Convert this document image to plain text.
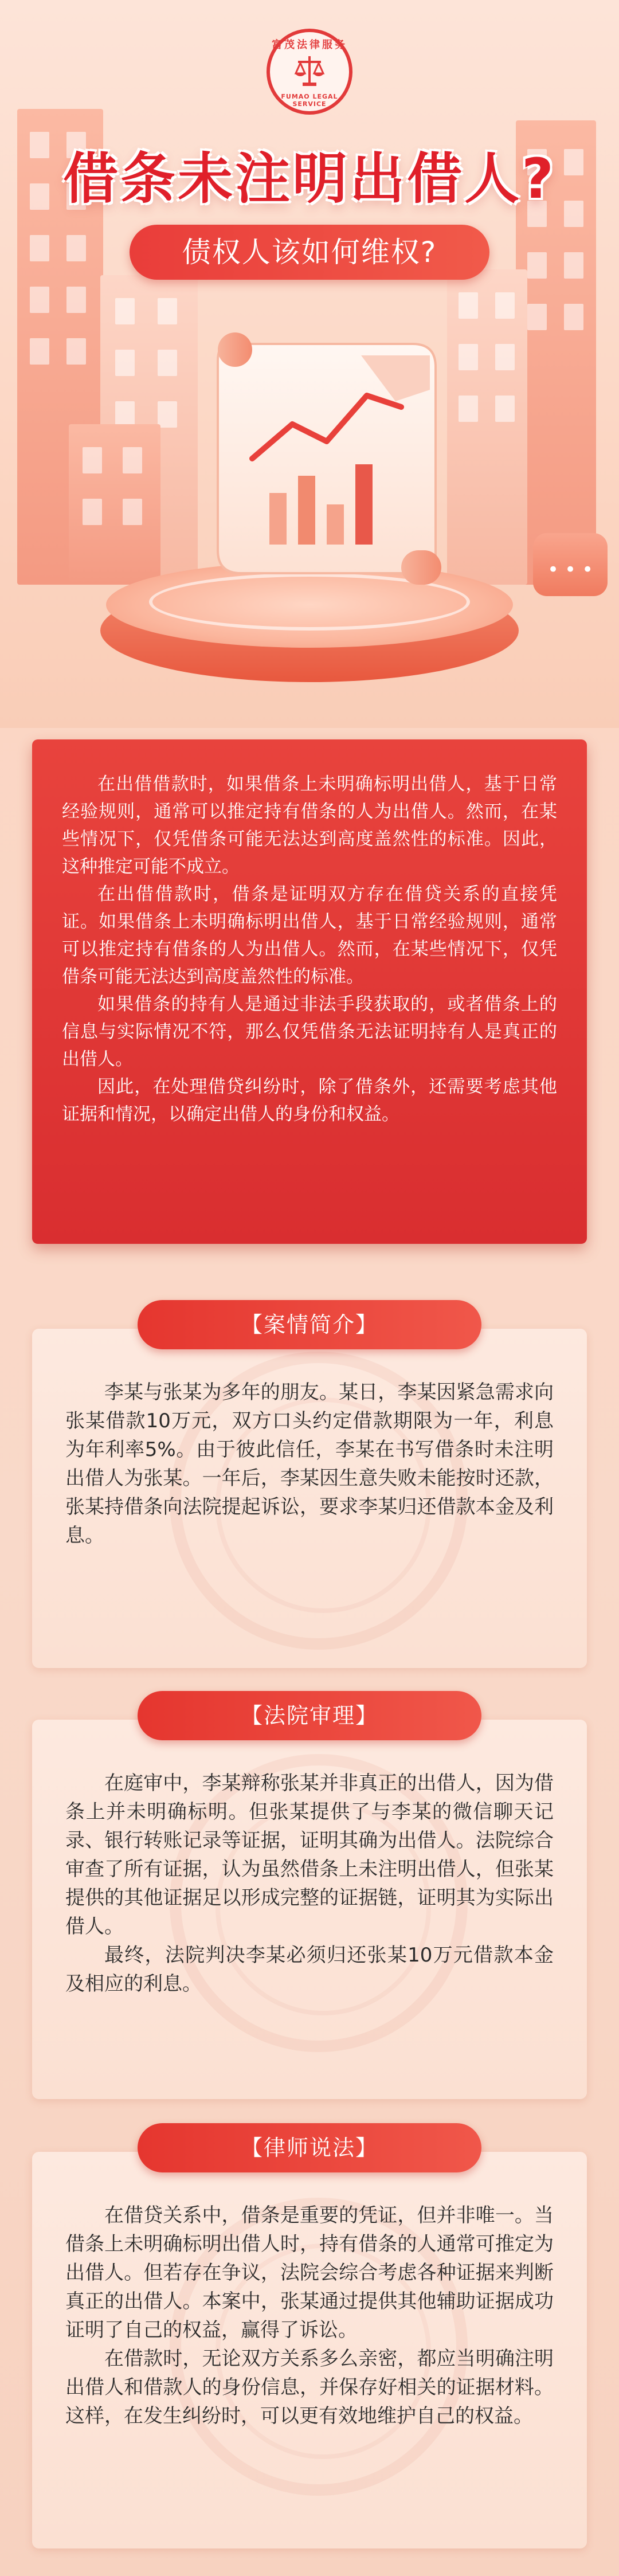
富茂法律服务
FUMAO LEGAL SERVICE
借条未注明出借人?
债权人该如何维权?
•••

在出借借款时，如果借条上未明确标明出借人，基于日常经验规则，通常可以推定持有借条的人为出借人。然而，在某些情况下，仅凭借条可能无法达到高度盖然性的标准。因此，这种推定可能不成立。

在出借借款时，借条是证明双方存在借贷关系的直接凭证。如果借条上未明确标明出借人，基于日常经验规则，通常可以推定持有借条的人为出借人。然而，在某些情况下，仅凭借条可能无法达到高度盖然性的标准。

如果借条的持有人是通过非法手段获取的，或者借条上的信息与实际情况不符，那么仅凭借条无法证明持有人是真正的出借人。

因此，在处理借贷纠纷时，除了借条外，还需要考虑其他证据和情况，以确定出借人的身份和权益。

李某与张某为多年的朋友。某日，李某因紧急需求向张某借款10万元，双方口头约定借款期限为一年，利息为年利率5%。由于彼此信任，李某在书写借条时未注明出借人为张某。一年后，李某因生意失败未能按时还款，张某持借条向法院提起诉讼，要求李某归还借款本金及利息。

【案情简介】

在庭审中，李某辩称张某并非真正的出借人，因为借条上并未明确标明。但张某提供了与李某的微信聊天记录、银行转账记录等证据，证明其确为出借人。法院综合审查了所有证据，认为虽然借条上未注明出借人，但张某提供的其他证据足以形成完整的证据链，证明其为实际出借人。

最终，法院判决李某必须归还张某10万元借款本金及相应的利息。

【法院审理】

在借贷关系中，借条是重要的凭证，但并非唯一。当借条上未明确标明出借人时，持有借条的人通常可推定为出借人。但若存在争议，法院会综合考虑各种证据来判断真正的出借人。本案中，张某通过提供其他辅助证据成功证明了自己的权益，赢得了诉讼。

在借款时，无论双方关系多么亲密，都应当明确注明出借人和借款人的身份信息，并保存好相关的证据材料。这样，在发生纠纷时，可以更有效地维护自己的权益。

【律师说法】
